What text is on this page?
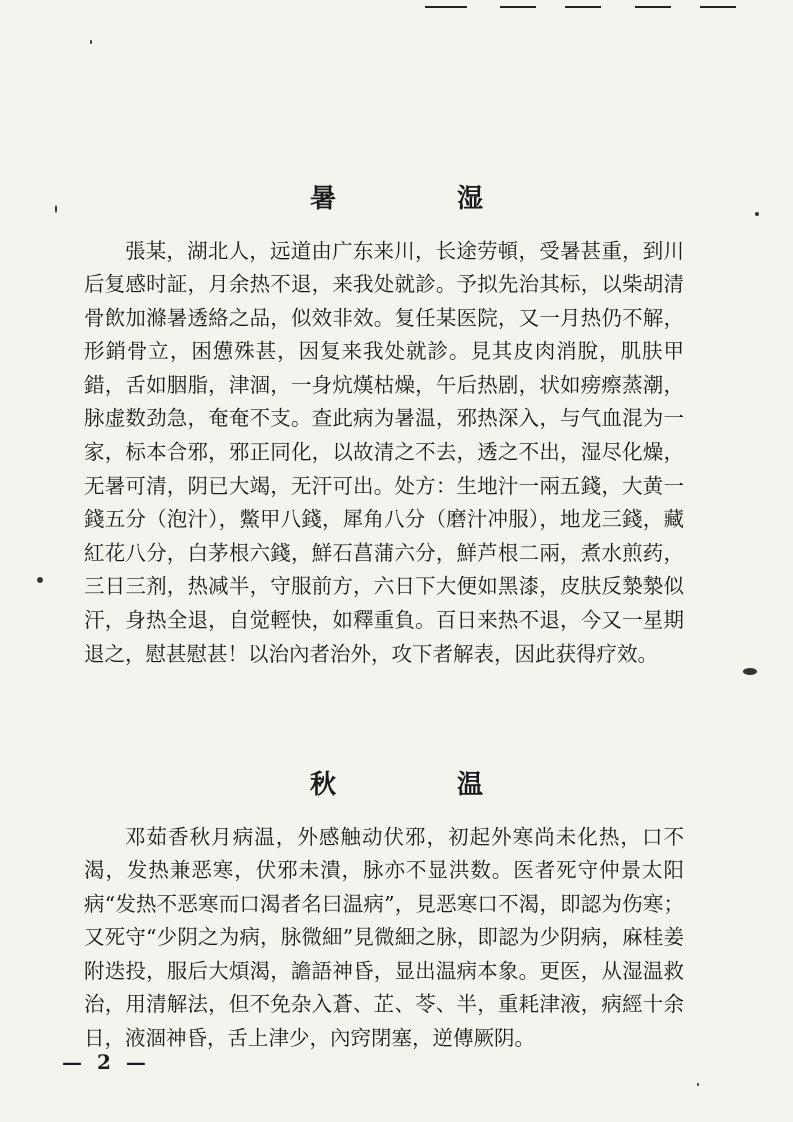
暑 湿

張某，湖北人，远道由广东来川，长途劳頓，受暑甚重，到川后复感时証，月余热不退，来我处就診。予拟先治其标，以柴胡清骨飲加滌暑透絡之品，似效非效。复任某医院，又一月热仍不解，形銷骨立，困憊殊甚，因复来我处就診。見其皮肉消脫，肌肤甲錯，舌如胭脂，津涸，一身炕熯枯燥，午后热剧，状如痨瘵蒸潮，脉虚数劲急，奄奄不支。查此病为暑温，邪热深入，与气血混为一家，标本合邪，邪正同化，以故清之不去，透之不出，湿尽化燥，无暑可清，阴已大竭，无汗可出。处方：生地汁一兩五錢，大黄一錢五分（泡汁），鱉甲八錢，犀角八分（磨汁冲服），地龙三錢，藏紅花八分，白茅根六錢，鮮石菖蒲六分，鮮芦根二兩，煮水煎药，三日三剂，热减半，守服前方，六日下大便如黑漆，皮肤反漐漐似汗，身热全退，自觉輕快，如釋重負。百日来热不退，今又一星期退之，慰甚慰甚！以治內者治外，攻下者解表，因此获得疗效。

秋 温

邓茹香秋月病温，外感触动伏邪，初起外寒尚未化热，口不渴，发热兼恶寒，伏邪未潰，脉亦不显洪数。医者死守仲景太阳病“发热不恶寒而口渴者名曰温病”，見恶寒口不渴，即認为伤寒；又死守“少阴之为病，脉微細”見微細之脉，即認为少阴病，麻桂姜附迭投，服后大煩渴，譫語神昏，显出温病本象。更医，从湿温救治，用清解法，但不免杂入蒼、芷、苓、半，重耗津液，病經十余日，液涸神昏，舌上津少，內窍閉塞，逆傳厥阴。

— 2 —
